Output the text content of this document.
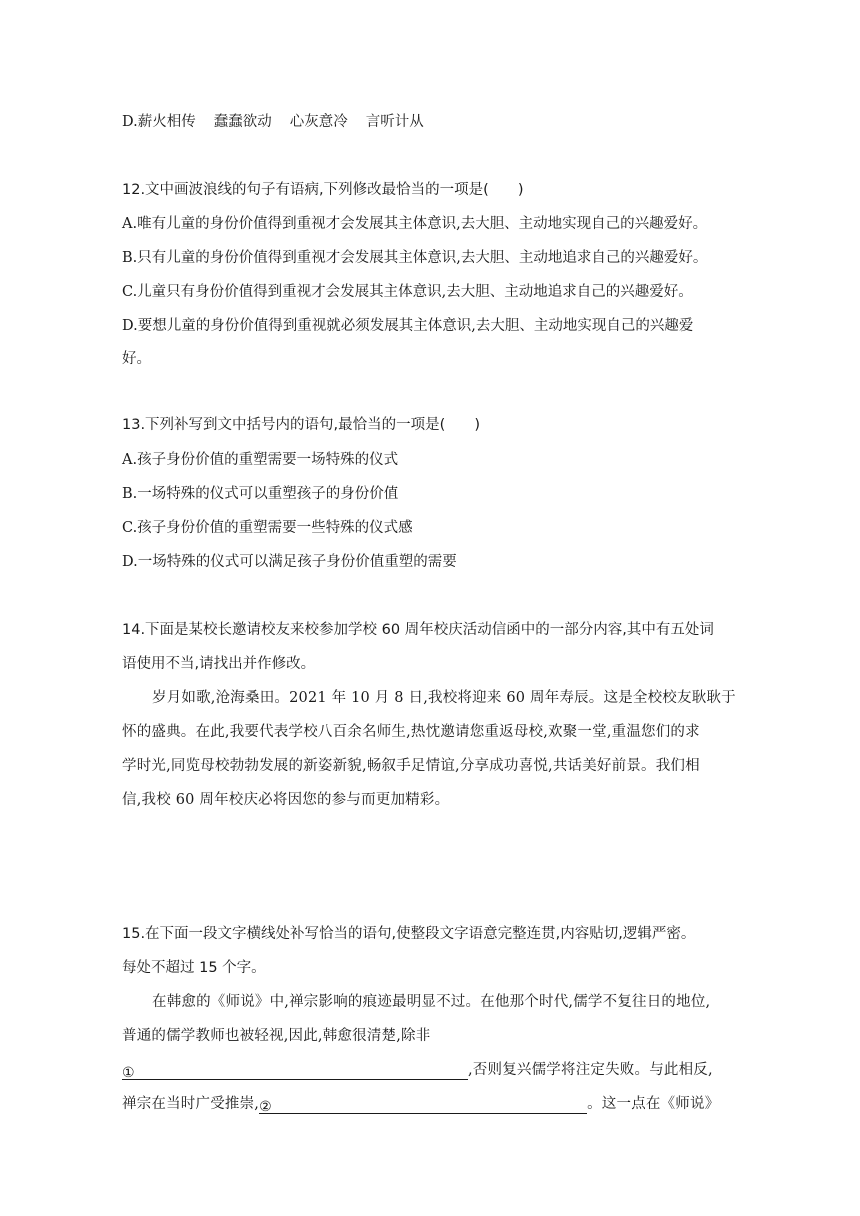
D.薪火相传 蠢蠢欲动 心灰意冷 言听计从
12.文中画波浪线的句子有语病,下列修改最恰当的一项是(　　)
A.唯有儿童的身份价值得到重视才会发展其主体意识,去大胆、主动地实现自己的兴趣爱好。
B.只有儿童的身份价值得到重视才会发展其主体意识,去大胆、主动地追求自己的兴趣爱好。
C.儿童只有身份价值得到重视才会发展其主体意识,去大胆、主动地追求自己的兴趣爱好。
D.要想儿童的身份价值得到重视就必须发展其主体意识,去大胆、主动地实现自己的兴趣爱
好。
13.下列补写到文中括号内的语句,最恰当的一项是(　　)
A.孩子身份价值的重塑需要一场特殊的仪式
B.一场特殊的仪式可以重塑孩子的身份价值
C.孩子身份价值的重塑需要一些特殊的仪式感
D.一场特殊的仪式可以满足孩子身份价值重塑的需要
14.下面是某校长邀请校友来校参加学校 60 周年校庆活动信函中的一部分内容,其中有五处词
语使用不当,请找出并作修改。
岁月如歌,沧海桑田。2021 年 10 月 8 日,我校将迎来 60 周年寿辰。这是全校校友耿耿于
怀的盛典。在此,我要代表学校八百余名师生,热忱邀请您重返母校,欢聚一堂,重温您们的求
学时光,同览母校勃勃发展的新姿新貌,畅叙手足情谊,分享成功喜悦,共话美好前景。我们相
信,我校 60 周年校庆必将因您的参与而更加精彩。
15.在下面一段文字横线处补写恰当的语句,使整段文字语意完整连贯,内容贴切,逻辑严密。
每处不超过 15 个字。
在韩愈的《师说》中,禅宗影响的痕迹最明显不过。在他那个时代,儒学不复往日的地位,
普通的儒学教师也被轻视,因此,韩愈很清楚,除非
①	,否则复兴儒学将注定失败。与此相反,
禅宗在当时广受推崇,②	。这一点在《师说》
